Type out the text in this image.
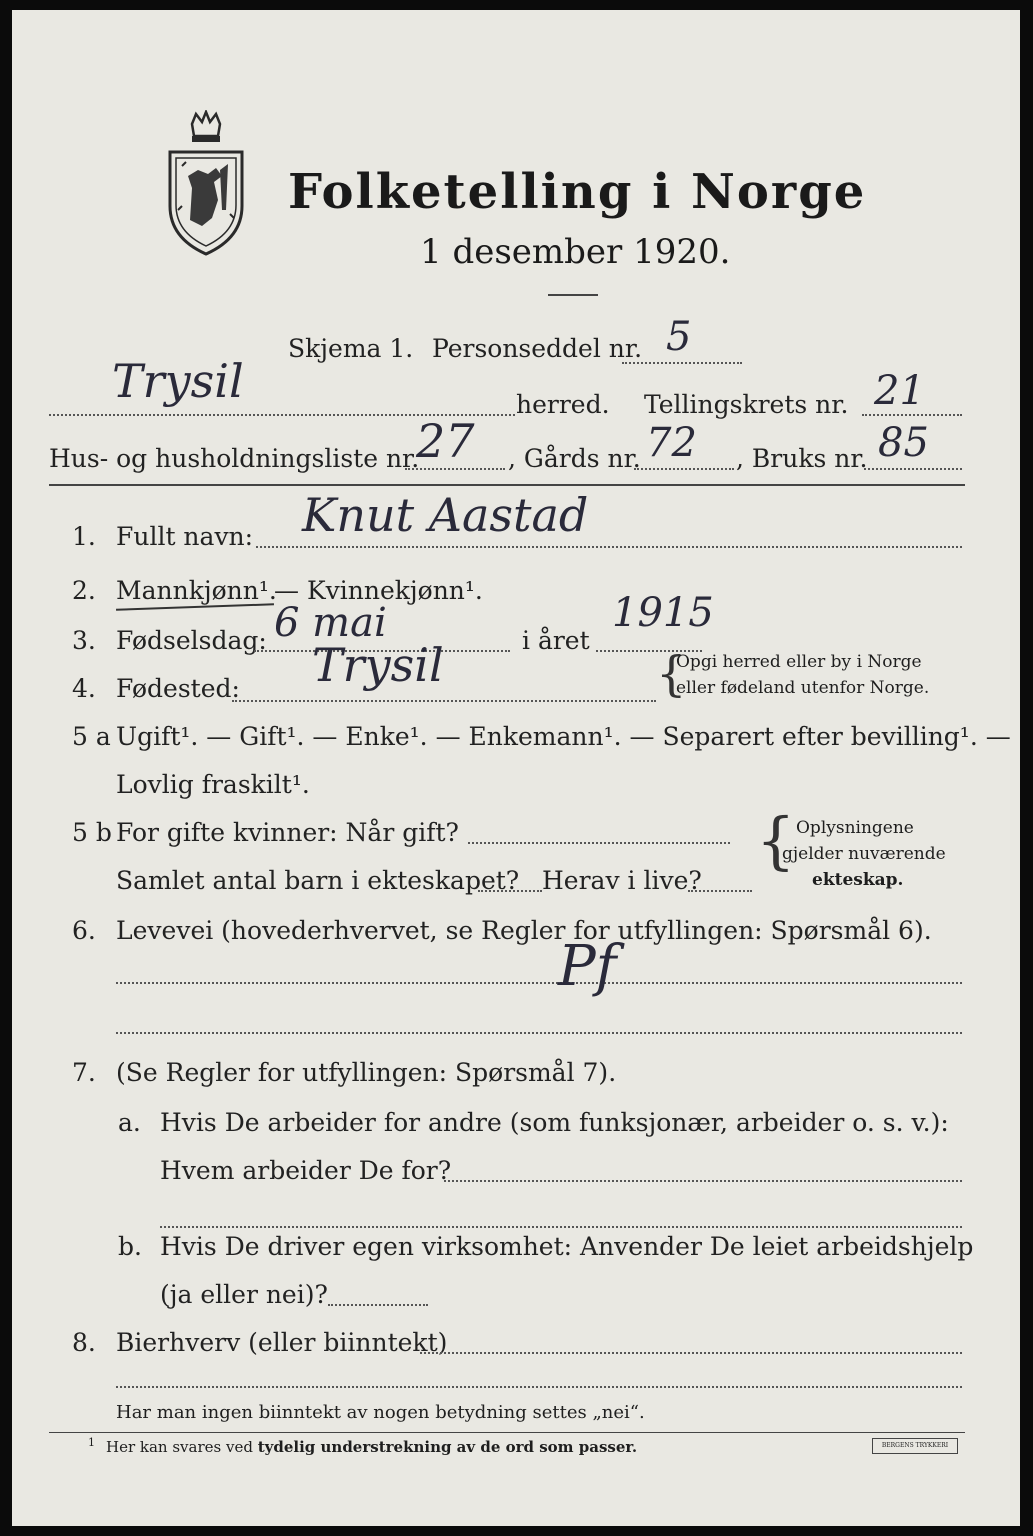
Folketelling i Norge
1 desember 1920.
Skjema 1. Personseddel nr. 5
Trysil	herred. Tellingskrets nr. 21
Hus- og husholdningsliste nr.
27 , Gårds nr. 72 , Bruks nr. 85
1. Fullt navn: Knut Aastad
2. Mannkjønn¹.
— Kvinnekjønn¹.
3. Fødselsdag: 6 mai	i året
1915
4. Fødested: Trysil	{
Opgi herred eller by i Norge
eller fødeland utenfor Norge.
5 a Ugift¹. — Gift¹. — Enke¹. — Enkemann¹. — Separert efter bevilling¹. —
Lovlig fraskilt¹.
5 b For gifte kvinner: Når gift?
Samlet antal barn i ekteskapet? Herav i live?
{ Oplysningene
gjelder nuværende
ekteskap.
6. Levevei (hovederhvervet, se Regler for utfyllingen: Spørsmål 6).
Ρf
7. (Se Regler for utfyllingen: Spørsmål 7).
a. Hvis De arbeider for andre (som funksjonær, arbeider o. s. v.):
Hvem arbeider De for?
b. Hvis De driver egen virksomhet: Anvender De leiet arbeidshjelp
(ja eller nei)?
8. Bierhverv (eller biinntekt)
Har man ingen biinntekt av nogen betydning settes „nei“.
1 Her kan svares ved tydelig understrekning av de ord som passer.	BERGENS TRYKKERI
